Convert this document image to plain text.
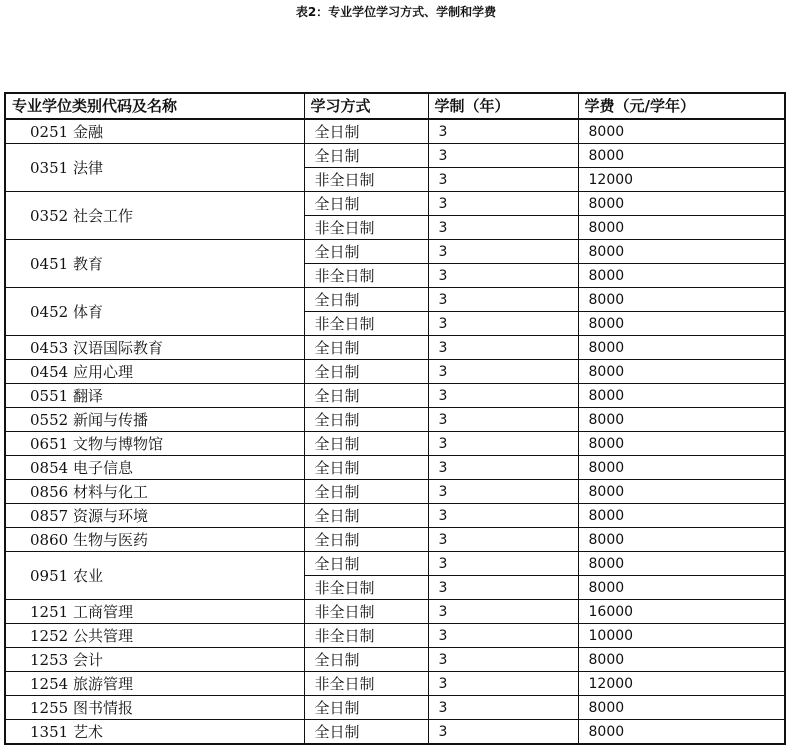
表2：专业学位学习方式、学制和学费
专业学位类别代码及名称	学习方式	学制（年）	学费（元/学年）
0251 金融	全日制	3	8000
0351 法律	全日制	3	8000
	非全日制	3	12000
0352 社会工作	全日制	3	8000
	非全日制	3	8000
0451 教育	全日制	3	8000
	非全日制	3	8000
0452 体育	全日制	3	8000
	非全日制	3	8000
0453 汉语国际教育	全日制	3	8000
0454 应用心理	全日制	3	8000
0551 翻译	全日制	3	8000
0552 新闻与传播	全日制	3	8000
0651 文物与博物馆	全日制	3	8000
0854 电子信息	全日制	3	8000
0856 材料与化工	全日制	3	8000
0857 资源与环境	全日制	3	8000
0860 生物与医药	全日制	3	8000
0951 农业	全日制	3	8000
	非全日制	3	8000
1251 工商管理	非全日制	3	16000
1252 公共管理	非全日制	3	10000
1253 会计	全日制	3	8000
1254 旅游管理	非全日制	3	12000
1255 图书情报	全日制	3	8000
1351 艺术	全日制	3	8000
